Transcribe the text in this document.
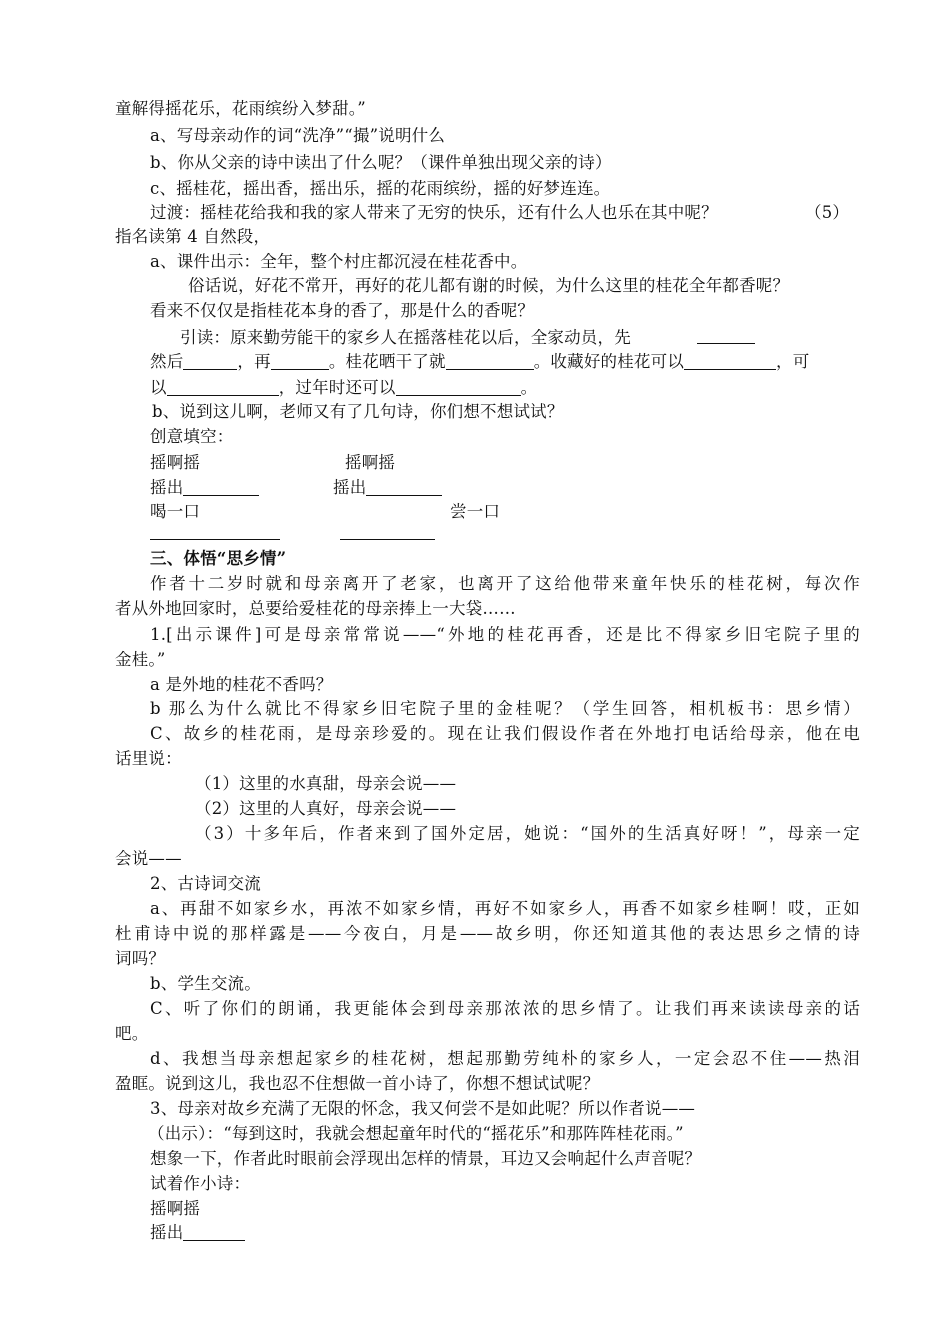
童解得摇花乐，花雨缤纷入梦甜。”
a、写母亲动作的词“洗净”“撮”说明什么
b、你从父亲的诗中读出了什么呢？（课件单独出现父亲的诗）
c、摇桂花，摇出香，摇出乐，摇的花雨缤纷，摇的好梦连连。
过渡：摇桂花给我和我的家人带来了无穷的快乐，还有什么人也乐在其中呢？	（5）
指名读第 4 自然段，
a、课件出示：全年，整个村庄都沉浸在桂花香中。
俗话说，好花不常开，再好的花儿都有谢的时候，为什么这里的桂花全年都香呢？
看来不仅仅是指桂花本身的香了，那是什么的香呢？
引读：原来勤劳能干的家乡人在摇落桂花以后，全家动员，先
然后	，再	。桂花晒干了就	。收藏好的桂花可以	，可
以	，过年时还可以	。
b、说到这儿啊，老师又有了几句诗，你们想不想试试？
创意填空：
摇啊摇	摇啊摇
摇出	摇出
喝一口	尝一口
三、体悟“思乡情”
作者十二岁时就和母亲离开了老家，也离开了这给他带来童年快乐的桂花树，每次作
者从外地回家时，总要给爱桂花的母亲捧上一大袋……
1.[出示课件]可是母亲常常说——“外地的桂花再香，还是比不得家乡旧宅院子里的
金桂。”
a 是外地的桂花不香吗？
b 那么为什么就比不得家乡旧宅院子里的金桂呢？（学生回答，相机板书：思乡情）
C、故乡的桂花雨，是母亲珍爱的。现在让我们假设作者在外地打电话给母亲，他在电
话里说：
（1）这里的水真甜，母亲会说——
（2）这里的人真好，母亲会说——
（3）十多年后，作者来到了国外定居，她说：“国外的生活真好呀！”，母亲一定
会说——
2、古诗词交流
a、再甜不如家乡水，再浓不如家乡情，再好不如家乡人，再香不如家乡桂啊！哎，正如
杜甫诗中说的那样露是——今夜白，月是——故乡明，你还知道其他的表达思乡之情的诗
词吗？
b、学生交流。
C、听了你们的朗诵，我更能体会到母亲那浓浓的思乡情了。让我们再来读读母亲的话
吧。
d、我想当母亲想起家乡的桂花树，想起那勤劳纯朴的家乡人，一定会忍不住——热泪
盈眶。说到这儿，我也忍不住想做一首小诗了，你想不想试试呢？
3、母亲对故乡充满了无限的怀念，我又何尝不是如此呢？所以作者说——
（出示）：“每到这时，我就会想起童年时代的“摇花乐”和那阵阵桂花雨。”
想象一下，作者此时眼前会浮现出怎样的情景，耳边又会响起什么声音呢？
试着作小诗：
摇啊摇
摇出
